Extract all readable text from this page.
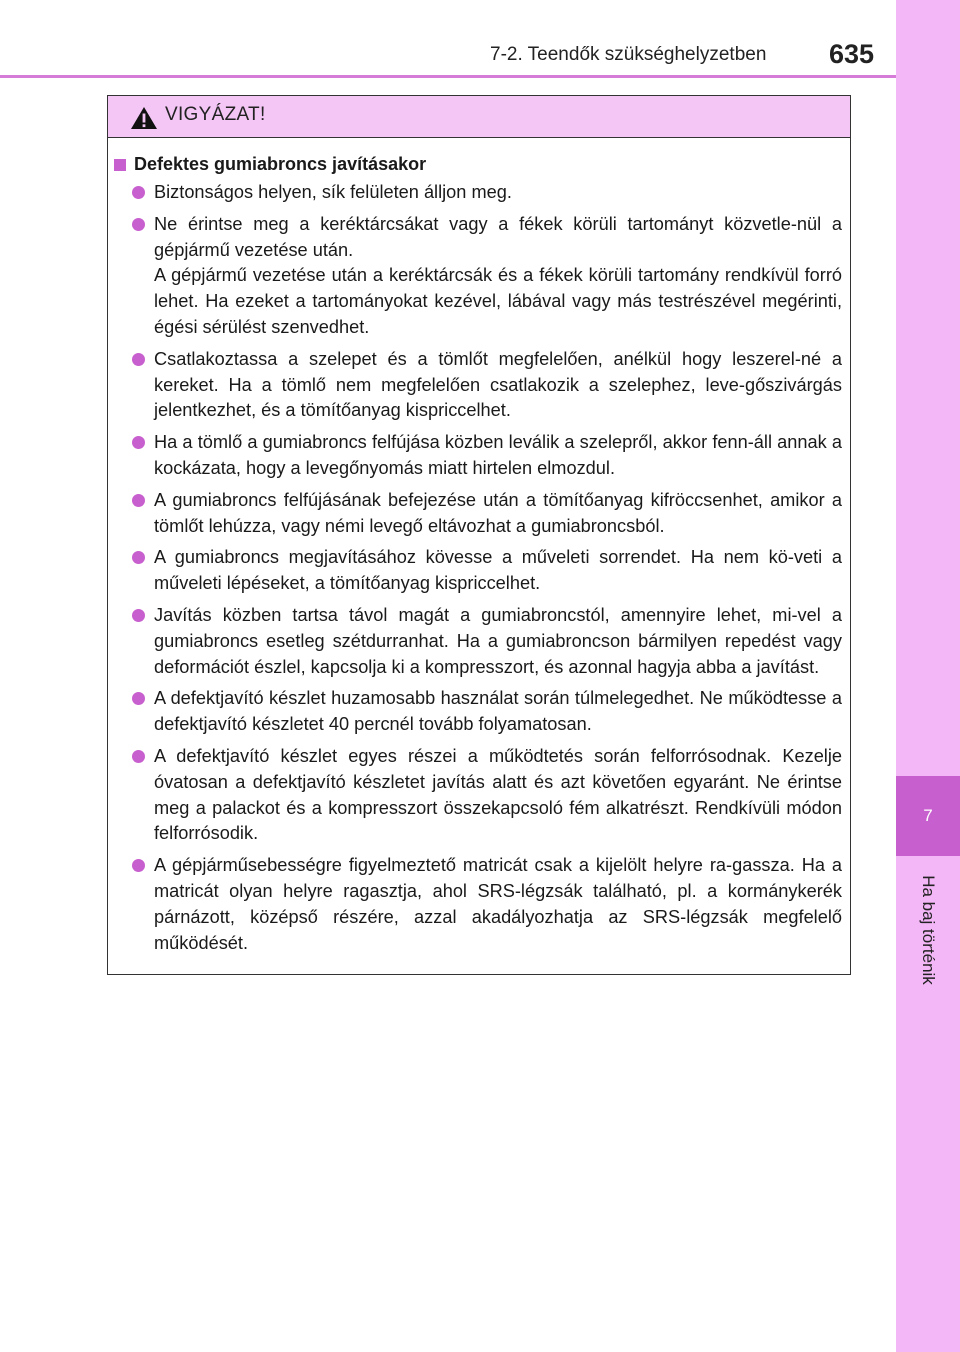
7-2. Teendők szükséghelyzetben 635
7
Ha baj történik
VIGYÁZAT!
Defektes gumiabroncs javításakor
Biztonságos helyen, sík felületen álljon meg.
Ne érintse meg a keréktárcsákat vagy a fékek körüli tartományt közvetle-nül a gépjármű vezetése után.
A gépjármű vezetése után a keréktárcsák és a fékek körüli tartomány rendkívül forró lehet. Ha ezeket a tartományokat kezével, lábával vagy más testrészével megérinti, égési sérülést szenvedhet.
Csatlakoztassa a szelepet és a tömlőt megfelelően, anélkül hogy leszerel-né a kereket. Ha a tömlő nem megfelelően csatlakozik a szelephez, leve-gőszivárgás jelentkezhet, és a tömítőanyag kispriccelhet.
Ha a tömlő a gumiabroncs felfújása közben leválik a szelepről, akkor fenn-áll annak a kockázata, hogy a levegőnyomás miatt hirtelen elmozdul.
A gumiabroncs felfújásának befejezése után a tömítőanyag kifröccsenhet, amikor a tömlőt lehúzza, vagy némi levegő eltávozhat a gumiabroncsból.
A gumiabroncs megjavításához kövesse a műveleti sorrendet. Ha nem kö-veti a műveleti lépéseket, a tömítőanyag kispriccelhet.
Javítás közben tartsa távol magát a gumiabroncstól, amennyire lehet, mi-vel a gumiabroncs esetleg szétdurranhat. Ha a gumiabroncson bármilyen repedést vagy deformációt észlel, kapcsolja ki a kompresszort, és azonnal hagyja abba a javítást.
A defektjavító készlet huzamosabb használat során túlmelegedhet. Ne működtesse a defektjavító készletet 40 percnél tovább folyamatosan.
A defektjavító készlet egyes részei a működtetés során felforrósodnak. Kezelje óvatosan a defektjavító készletet javítás alatt és azt követően egyaránt. Ne érintse meg a palackot és a kompresszort összekapcsoló fém alkatrészt. Rendkívüli módon felforrósodik.
A gépjárműsebességre figyelmeztető matricát csak a kijelölt helyre ra-gassza. Ha a matricát olyan helyre ragasztja, ahol SRS-légzsák található, pl. a kormánykerék párnázott, középső részére, azzal akadályozhatja az SRS-légzsák megfelelő működését.
